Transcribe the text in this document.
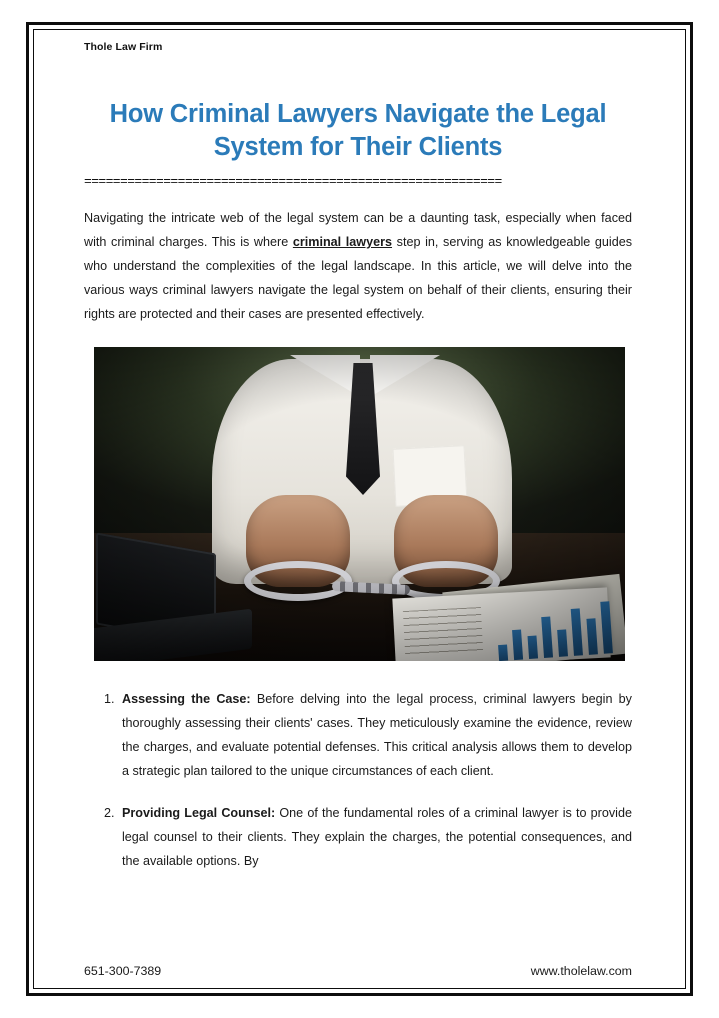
Thole Law Firm
How Criminal Lawyers Navigate the Legal System for Their Clients
==========================================================

Navigating the intricate web of the legal system can be a daunting task, especially when faced with criminal charges. This is where criminal lawyers step in, serving as knowledgeable guides who understand the complexities of the legal landscape. In this article, we will delve into the various ways criminal lawyers navigate the legal system on behalf of their clients, ensuring their rights are protected and their cases are presented effectively.

1. Assessing the Case: Before delving into the legal process, criminal lawyers begin by thoroughly assessing their clients' cases. They meticulously examine the evidence, review the charges, and evaluate potential defenses. This critical analysis allows them to develop a strategic plan tailored to the unique circumstances of each client.
2. Providing Legal Counsel: One of the fundamental roles of a criminal lawyer is to provide legal counsel to their clients. They explain the charges, the potential consequences, and the available options. By
651-300-7389	www.tholelaw.com
